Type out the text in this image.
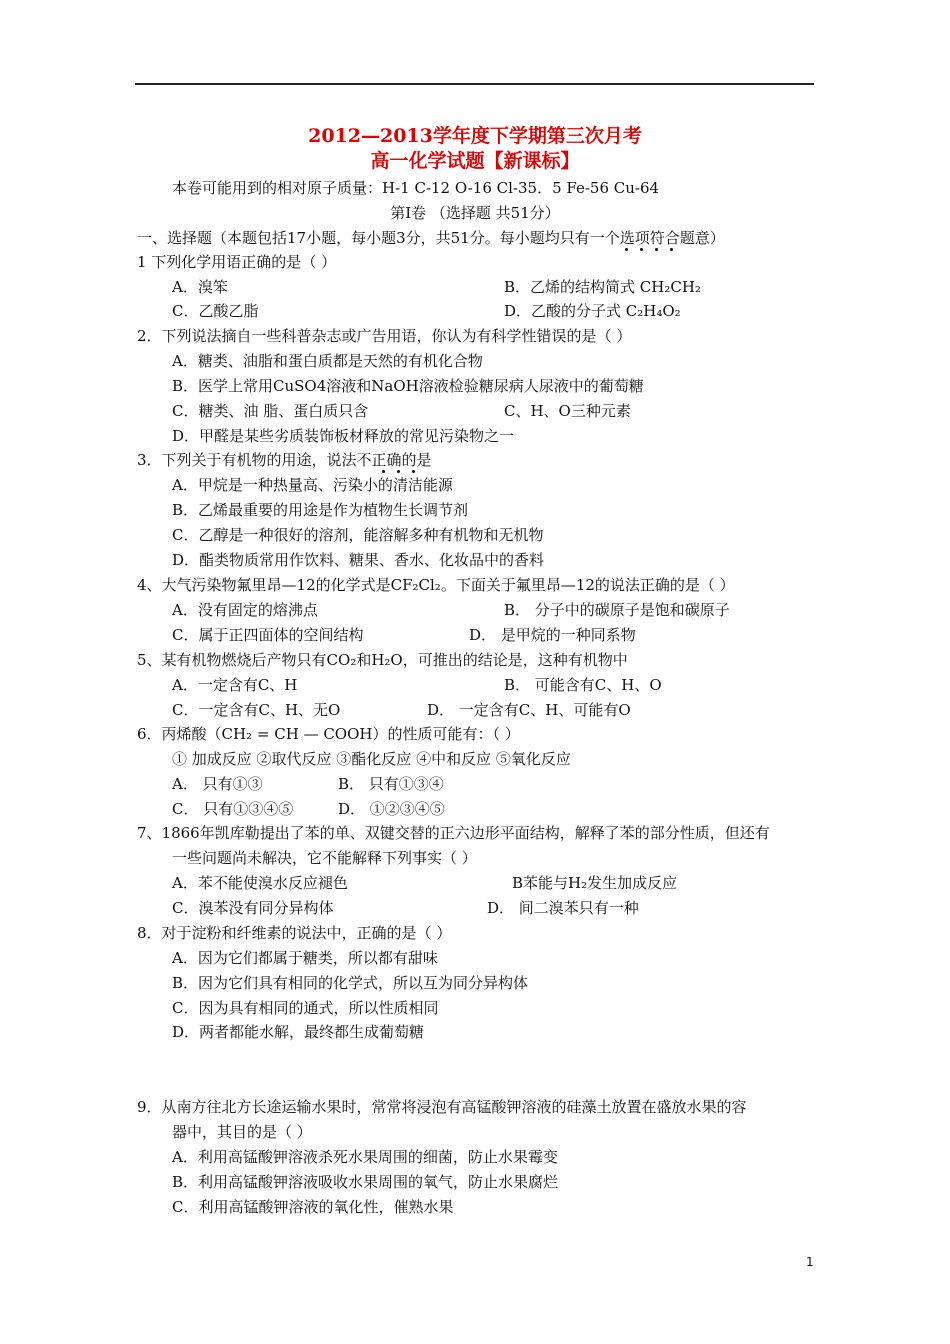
2012—2013学年度下学期第三次月考
高一化学试题【新课标】
本卷可能用到的相对原子质量：H-1 C-12 O-16 Cl-35．5 Fe-56 Cu-64
第Ⅰ卷 （选择题 共51分）
一、选择题（本题包括17小题，每小题3分，共51分。每小题均只有一个选项符合题意）
1 下列化学用语正确的是（ ）
A．溴笨	B．乙烯的结构简式 CH₂CH₂
C．乙酸乙脂	D．乙酸的分子式 C₂H₄O₂
2．下列说法摘自一些科普杂志或广告用语，你认为有科学性错误的是（ ）
A．糖类、油脂和蛋白质都是天然的有机化合物
B．医学上常用CuSO4溶液和NaOH溶液检验糖尿病人尿液中的葡萄糖
C．糖类、油 脂、蛋白质只含	C、H、O三种元素
D．甲醛是某些劣质装饰板材释放的常见污染物之一
3．下列关于有机物的用途，说法不正确的是
A．甲烷是一种热量高、污染小的清洁能源
B．乙烯最重要的用途是作为植物生长调节剂
C．乙醇是一种很好的溶剂，能溶解多种有机物和无机物
D．酯类物质常用作饮料、糖果、香水、化妆品中的香料
4、大气污染物氟里昂—12的化学式是CF₂Cl₂。下面关于氟里昂—12的说法正确的是（ ）
A．没有固定的熔沸点	B． 分子中的碳原子是饱和碳原子
C．属于正四面体的空间结构	D． 是甲烷的一种同系物
5、某有机物燃烧后产物只有CO₂和H₂O，可推出的结论是，这种有机物中
A．一定含有C、H	B． 可能含有C、H、O
C．一定含有C、H、无O	D． 一定含有C、H、可能有O
6．丙烯酸（CH₂ = CH — COOH）的性质可能有：（ ）
① 加成反应 ②取代反应 ③酯化反应 ④中和反应 ⑤氧化反应
A． 只有①③	B． 只有①③④
C． 只有①③④⑤	D． ①②③④⑤
7、1866年凯库勒提出了苯的单、双键交替的正六边形平面结构，解释了苯的部分性质，但还有
一些问题尚未解决，它不能解释下列事实（ ）
A．苯不能使溴水反应褪色	B苯能与H₂发生加成反应
C．溴苯没有同分异构体	D． 间二溴苯只有一种
8．对于淀粉和纤维素的说法中，正确的是（ ）
A．因为它们都属于糖类，所以都有甜味
B．因为它们具有相同的化学式，所以互为同分异构体
C．因为具有相同的通式，所以性质相同
D．两者都能水解，最终都生成葡萄糖
9．从南方往北方长途运输水果时，常常将浸泡有高锰酸钾溶液的硅藻土放置在盛放水果的容
器中，其目的是（ ）
A．利用高锰酸钾溶液杀死水果周围的细菌，防止水果霉变
B．利用高锰酸钾溶液吸收水果周围的氧气，防止水果腐烂
C．利用高锰酸钾溶液的氧化性，催熟水果
1
